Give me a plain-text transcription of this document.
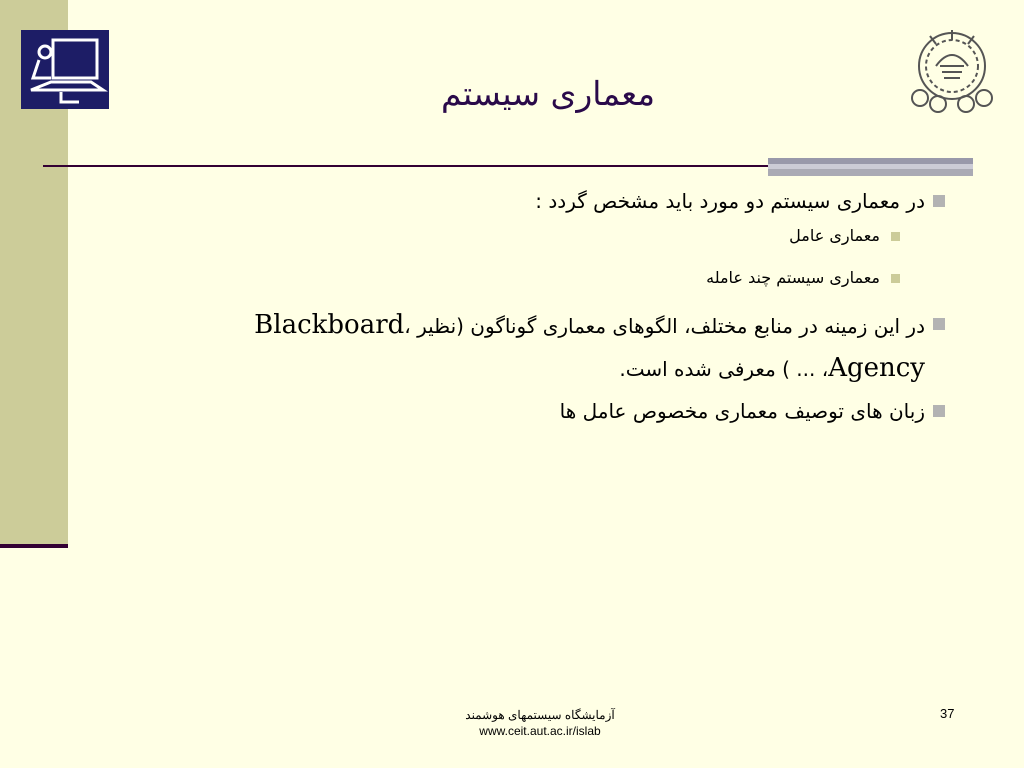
معماری سیستم
در معماری سیستم دو مورد باید مشخص گردد :
معماری عامل
معماری سیستم چند عامله
در این زمینه در منابع مختلف، الگوهای معماری گوناگون (نظیر Blackboard، Agency، ... ) معرفی شده است.
زبان های توصیف معماری مخصوص عامل ها
آزمایشگاه سیستمهای هوشمند
www.ceit.aut.ac.ir/islab
37
